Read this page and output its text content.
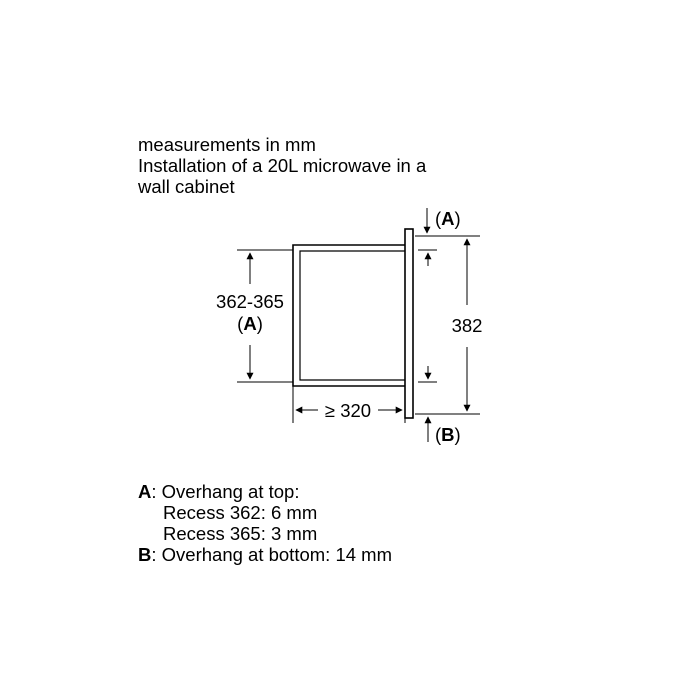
measurements in mm
Installation of a 20L microwave in a
wall cabinet
362-365
(A)
(A)
382
(B)
≥ 320
A: Overhang at top:
Recess 362: 6 mm
Recess 365: 3 mm
B: Overhang at bottom: 14 mm
